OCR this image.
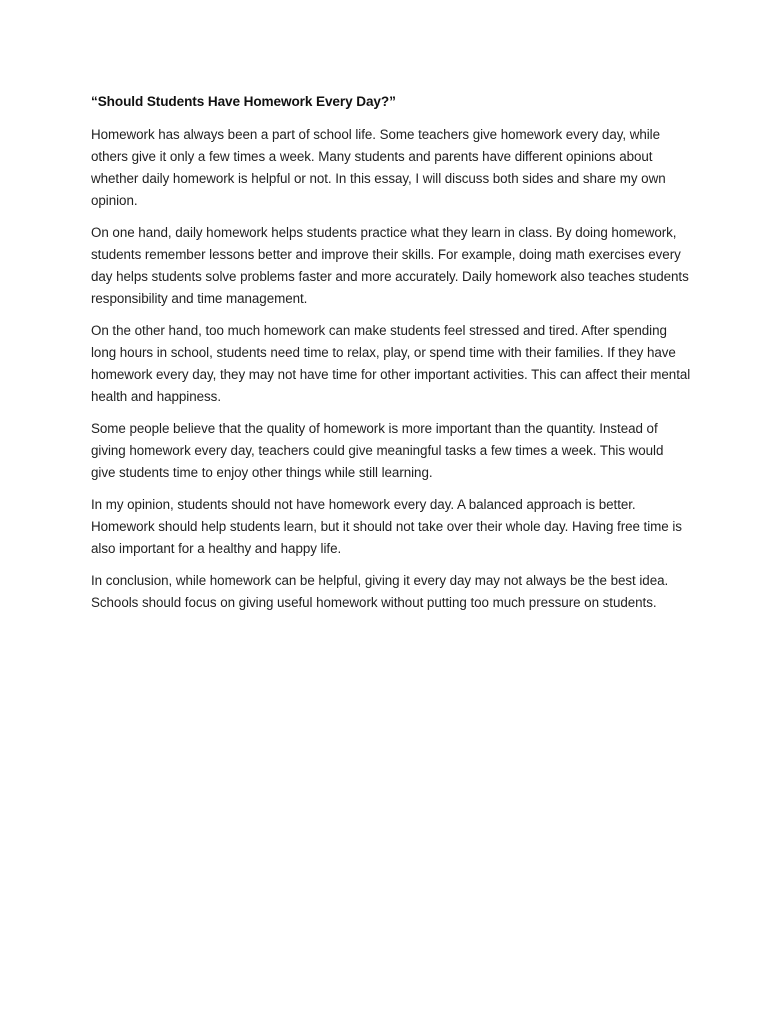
“Should Students Have Homework Every Day?”

Homework has always been a part of school life. Some teachers give homework every day, while others give it only a few times a week. Many students and parents have different opinions about whether daily homework is helpful or not. In this essay, I will discuss both sides and share my own opinion.

On one hand, daily homework helps students practice what they learn in class. By doing homework, students remember lessons better and improve their skills. For example, doing math exercises every day helps students solve problems faster and more accurately. Daily homework also teaches students responsibility and time management.

On the other hand, too much homework can make students feel stressed and tired. After spending long hours in school, students need time to relax, play, or spend time with their families. If they have homework every day, they may not have time for other important activities. This can affect their mental health and happiness.

Some people believe that the quality of homework is more important than the quantity. Instead of giving homework every day, teachers could give meaningful tasks a few times a week. This would give students time to enjoy other things while still learning.

In my opinion, students should not have homework every day. A balanced approach is better. Homework should help students learn, but it should not take over their whole day. Having free time is also important for a healthy and happy life.

In conclusion, while homework can be helpful, giving it every day may not always be the best idea. Schools should focus on giving useful homework without putting too much pressure on students.
